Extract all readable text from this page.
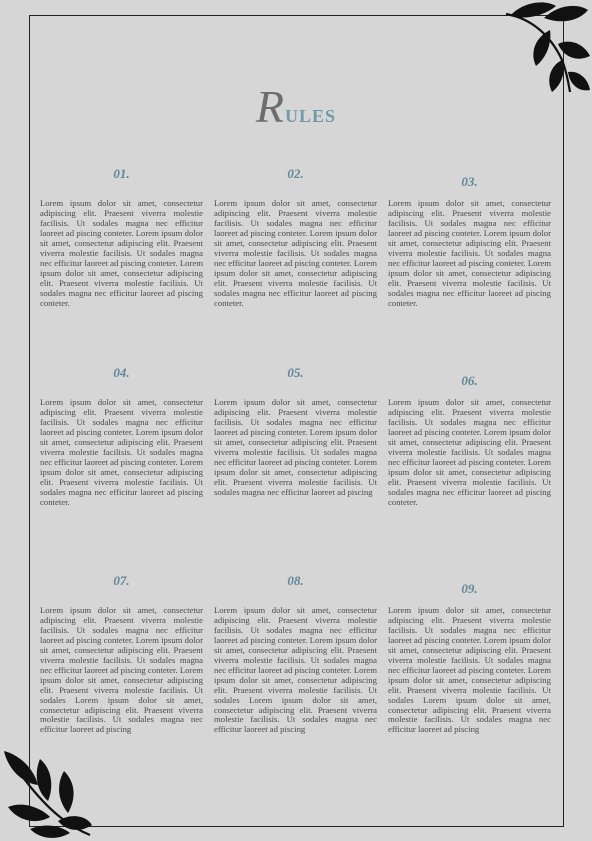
Rules
01.

Lorem ipsum dolor sit amet, consectetur adipiscing elit. Praesent viverra molestie facilisis. Ut sodales magna nec efficitur laoreet ad piscing conteter. Lorem ipsum dolor sit amet, consectetur adipiscing elit. Praesent viverra molestie facilisis. Ut sodales magna nec efficitur laoreet ad piscing conteter. Lorem ipsum dolor sit amet, consectetur adipiscing elit. Praesent viverra molestie facilisis. Ut sodales magna nec efficitur laoreet ad piscing conteter.

02.

Lorem ipsum dolor sit amet, consectetur adipiscing elit. Praesent viverra molestie facilisis. Ut sodales magna nec efficitur laoreet ad piscing conteter. Lorem ipsum dolor sit amet, consectetur adipiscing elit. Praesent viverra molestie facilisis. Ut sodales magna nec efficitur laoreet ad piscing conteter. Lorem ipsum dolor sit amet, consectetur adipiscing elit. Praesent viverra molestie facilisis. Ut sodales magna nec efficitur laoreet ad piscing conteter.

03.

Lorem ipsum dolor sit amet, consectetur adipiscing elit. Praesent viverra molestie facilisis. Ut sodales magna nec efficitur laoreet ad piscing conteter. Lorem ipsum dolor sit amet, consectetur adipiscing elit. Praesent viverra molestie facilisis. Ut sodales magna nec efficitur laoreet ad piscing conteter. Lorem ipsum dolor sit amet, consectetur adipiscing elit. Praesent viverra molestie facilisis. Ut sodales magna nec efficitur laoreet ad piscing conteter.

04.

Lorem ipsum dolor sit amet, consectetur adipiscing elit. Praesent viverra molestie facilisis. Ut sodales magna nec efficitur laoreet ad piscing conteter. Lorem ipsum dolor sit amet, consectetur adipiscing elit. Praesent viverra molestie facilisis. Ut sodales magna nec efficitur laoreet ad piscing conteter. Lorem ipsum dolor sit amet, consectetur adipiscing elit. Praesent viverra molestie facilisis. Ut sodales magna nec efficitur laoreet ad piscing conteter.

05.

Lorem ipsum dolor sit amet, consectetur adipiscing elit. Praesent viverra molestie facilisis. Ut sodales magna nec efficitur laoreet ad piscing conteter. Lorem ipsum dolor sit amet, consectetur adipiscing elit. Praesent viverra molestie facilisis. Ut sodales magna nec efficitur laoreet ad piscing conteter. Lorem ipsum dolor sit amet, consectetur adipiscing elit. Praesent viverra molestie facilisis. Ut sodales magna nec efficitur laoreet ad piscing

06.

Lorem ipsum dolor sit amet, consectetur adipiscing elit. Praesent viverra molestie facilisis. Ut sodales magna nec efficitur laoreet ad piscing conteter. Lorem ipsum dolor sit amet, consectetur adipiscing elit. Praesent viverra molestie facilisis. Ut sodales magna nec efficitur laoreet ad piscing conteter. Lorem ipsum dolor sit amet, consectetur adipiscing elit. Praesent viverra molestie facilisis. Ut sodales magna nec efficitur laoreet ad piscing conteter.

07.

Lorem ipsum dolor sit amet, consectetur adipiscing elit. Praesent viverra molestie facilisis. Ut sodales magna nec efficitur laoreet ad piscing conteter. Lorem ipsum dolor sit amet, consectetur adipiscing elit. Praesent viverra molestie facilisis. Ut sodales magna nec efficitur laoreet ad piscing conteter. Lorem ipsum dolor sit amet, consectetur adipiscing elit. Praesent viverra molestie facilisis. Ut sodales Lorem ipsum dolor sit amet, consectetur adipiscing elit. Praesent viverra molestie facilisis. Ut sodales magna nec efficitur laoreet ad piscing

08.

Lorem ipsum dolor sit amet, consectetur adipiscing elit. Praesent viverra molestie facilisis. Ut sodales magna nec efficitur laoreet ad piscing conteter. Lorem ipsum dolor sit amet, consectetur adipiscing elit. Praesent viverra molestie facilisis. Ut sodales magna nec efficitur laoreet ad piscing conteter. Lorem ipsum dolor sit amet, consectetur adipiscing elit. Praesent viverra molestie facilisis. Ut sodales Lorem ipsum dolor sit amet, consectetur adipiscing elit. Praesent viverra molestie facilisis. Ut sodales magna nec efficitur laoreet ad piscing

09.

Lorem ipsum dolor sit amet, consectetur adipiscing elit. Praesent viverra molestie facilisis. Ut sodales magna nec efficitur laoreet ad piscing conteter. Lorem ipsum dolor sit amet, consectetur adipiscing elit. Praesent viverra molestie facilisis. Ut sodales magna nec efficitur laoreet ad piscing conteter. Lorem ipsum dolor sit amet, consectetur adipiscing elit. Praesent viverra molestie facilisis. Ut sodales Lorem ipsum dolor sit amet, consectetur adipiscing elit. Praesent viverra molestie facilisis. Ut sodales magna nec efficitur laoreet ad piscing
